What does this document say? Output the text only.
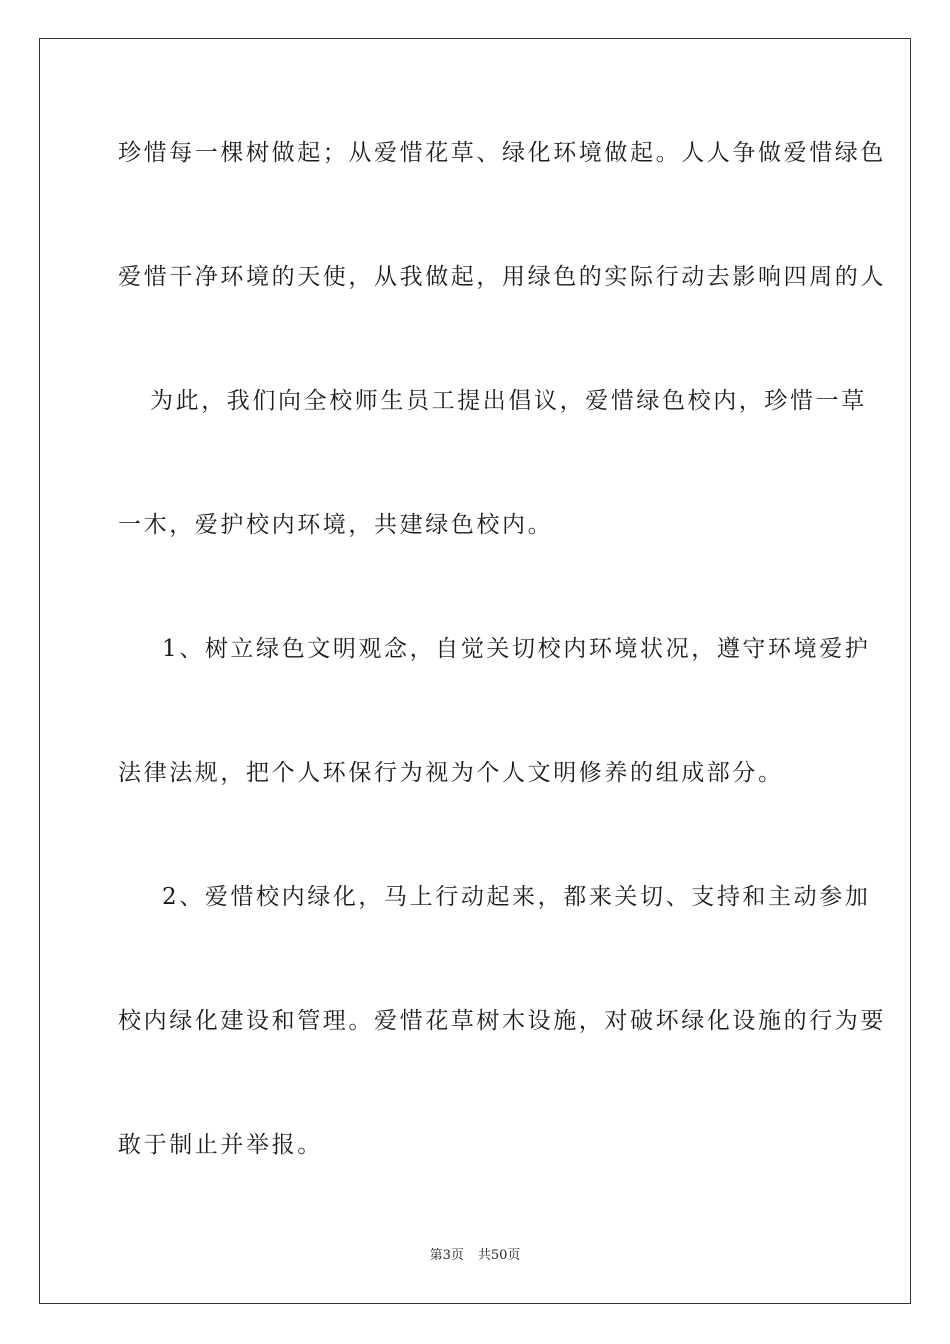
珍惜每一棵树做起；从爱惜花草、绿化环境做起。人人争做爱惜绿色
爱惜干净环境的天使，从我做起，用绿色的实际行动去影响四周的人
为此，我们向全校师生员工提出倡议，爱惜绿色校内，珍惜一草
一木，爱护校内环境，共建绿色校内。
1、树立绿色文明观念，自觉关切校内环境状况，遵守环境爱护
法律法规，把个人环保行为视为个人文明修养的组成部分。
2、爱惜校内绿化，马上行动起来，都来关切、支持和主动参加
校内绿化建设和管理。爱惜花草树木设施，对破坏绿化设施的行为要
敢于制止并举报。
第3页 共50页
